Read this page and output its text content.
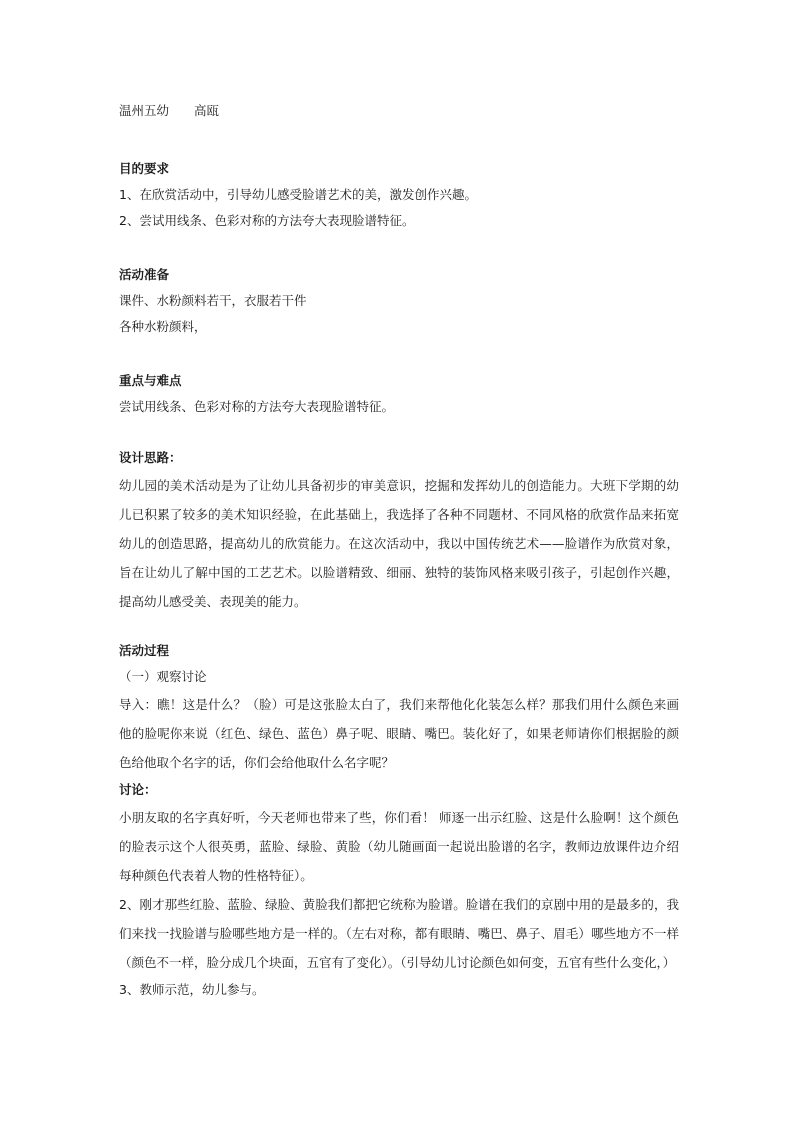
温州五幼　　高瓯
目的要求
1、在欣赏活动中，引导幼儿感受脸谱艺术的美，激发创作兴趣。
2、尝试用线条、色彩对称的方法夸大表现脸谱特征。
活动准备
课件、水粉颜料若干，衣服若干件
各种水粉颜料，
重点与难点
尝试用线条、色彩对称的方法夸大表现脸谱特征。
设计思路：
幼儿园的美术活动是为了让幼儿具备初步的审美意识，挖掘和发挥幼儿的创造能力。大班下学期的幼儿已积累了较多的美术知识经验，在此基础上，我选择了各种不同题材、不同风格的欣赏作品来拓宽幼儿的创造思路，提高幼儿的欣赏能力。在这次活动中，我以中国传统艺术——脸谱作为欣赏对象，旨在让幼儿了解中国的工艺艺术。以脸谱精致、细丽、独特的装饰风格来吸引孩子，引起创作兴趣，提高幼儿感受美、表现美的能力。
活动过程
（一）观察讨论
导入：瞧！这是什么？（脸）可是这张脸太白了，我们来帮他化化装怎么样？那我们用什么颜色来画他的脸呢你来说（红色、绿色、蓝色）鼻子呢、眼睛、嘴巴。装化好了，如果老师请你们根据脸的颜色给他取个名字的话，你们会给他取什么名字呢？
讨论：
小朋友取的名字真好听，今天老师也带来了些，你们看！ 师逐一出示红脸、这是什么脸啊！这个颜色的脸表示这个人很英勇，蓝脸、绿脸、黄脸（幼儿随画面一起说出脸谱的名字，教师边放课件边介绍每种颜色代表着人物的性格特征）。
2、刚才那些红脸、蓝脸、绿脸、黄脸我们都把它统称为脸谱。脸谱在我们的京剧中用的是最多的，我们来找一找脸谱与脸哪些地方是一样的。（左右对称，都有眼睛、嘴巴、鼻子、眉毛）哪些地方不一样（颜色不一样，脸分成几个块面，五官有了变化）。（引导幼儿讨论颜色如何变，五官有些什么变化，）
3、教师示范，幼儿参与。
